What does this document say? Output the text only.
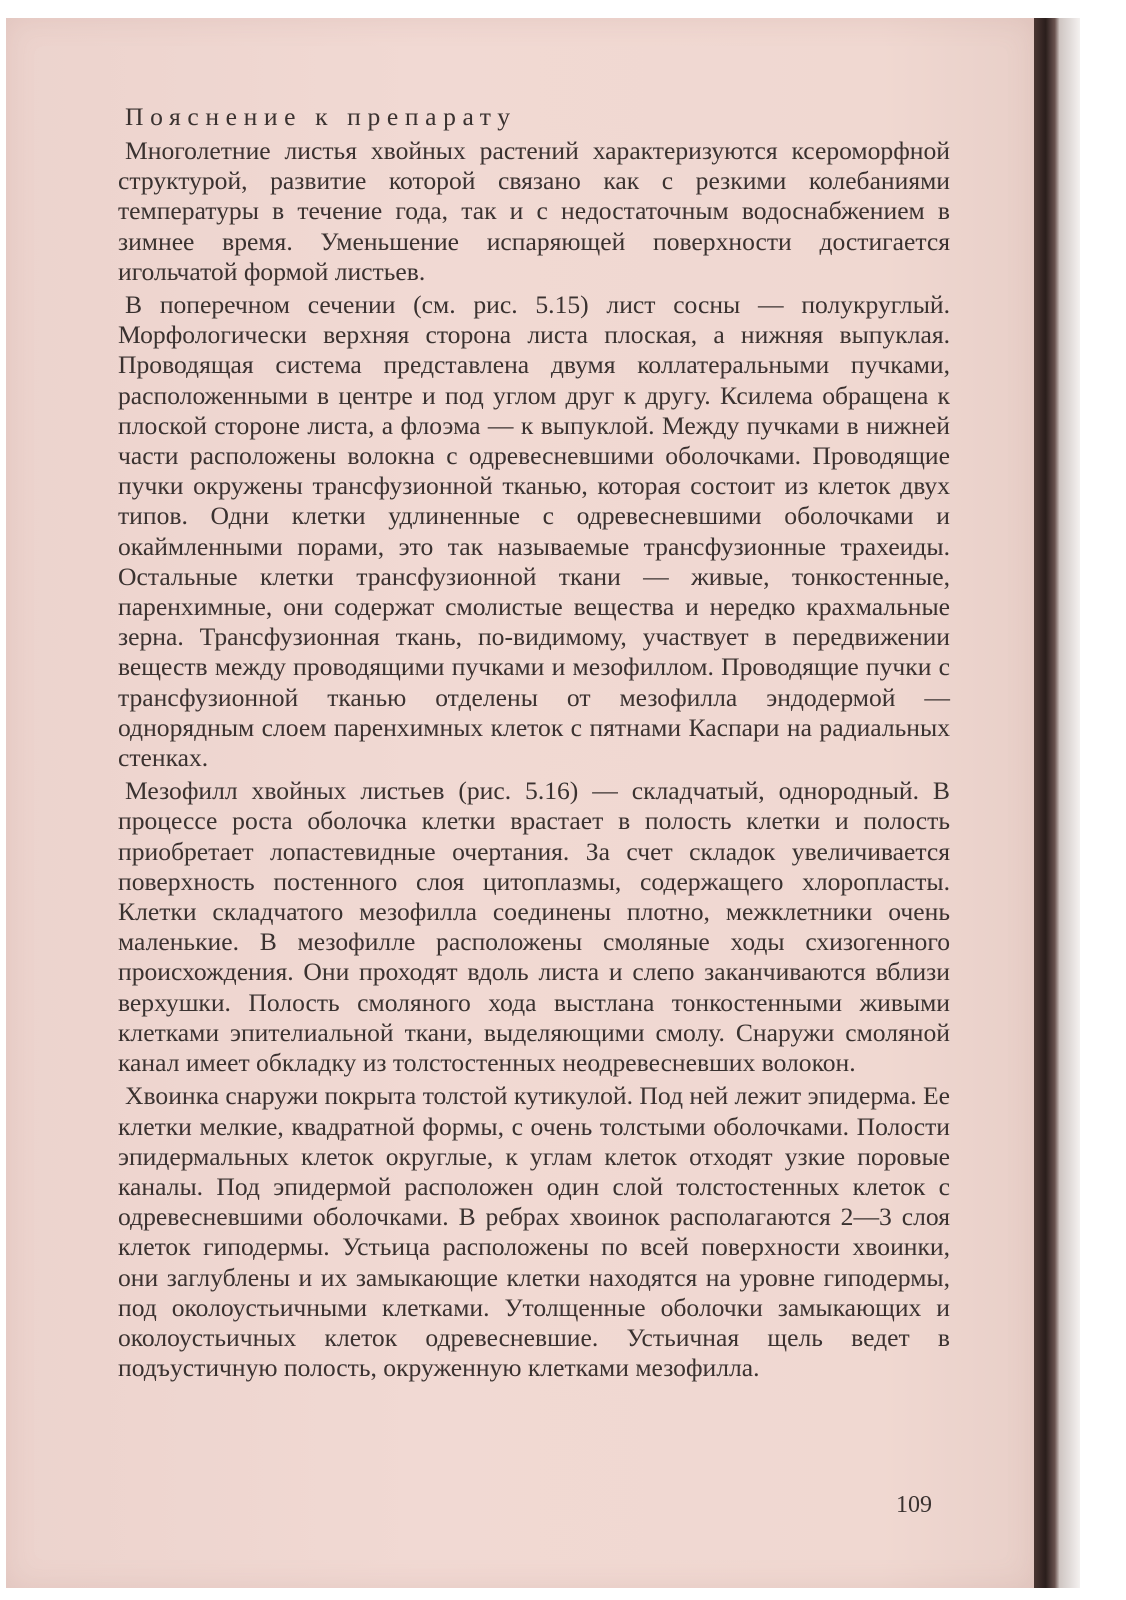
Пояснение к препарату

Многолетние листья хвойных растений характеризуются ксероморфной структурой, развитие которой связано как с резкими колебаниями температуры в течение года, так и с недостаточным водоснабжением в зимнее время. Уменьшение испаряющей поверхности достигается игольчатой формой листьев.

В поперечном сечении (см. рис. 5.15) лист сосны — полукруглый. Морфологически верхняя сторона листа плоская, а нижняя выпуклая. Проводящая система представлена двумя коллатеральными пучками, расположенными в центре и под углом друг к другу. Ксилема обращена к плоской стороне листа, а флоэма — к выпуклой. Между пучками в нижней части расположены волокна с одревесневшими оболочками. Проводящие пучки окружены трансфузионной тканью, которая состоит из клеток двух типов. Одни клетки удлиненные с одревесневшими оболочками и окаймленными порами, это так называемые трансфузионные трахеиды. Остальные клетки трансфузионной ткани — живые, тонкостенные, паренхимные, они содержат смолистые вещества и нередко крахмальные зерна. Трансфузионная ткань, по-видимому, участвует в передвижении веществ между проводящими пучками и мезофиллом. Проводящие пучки с трансфузионной тканью отделены от мезофилла эндодермой — однорядным слоем паренхимных клеток с пятнами Каспари на радиальных стенках.

Мезофилл хвойных листьев (рис. 5.16) — складчатый, однородный. В процессе роста оболочка клетки врастает в полость клетки и полость приобретает лопастевидные очертания. За счет складок увеличивается поверхность постенного слоя цитоплазмы, содержащего хлоропласты. Клетки складчатого мезофилла соединены плотно, межклетники очень маленькие. В мезофилле расположены смоляные ходы схизогенного происхождения. Они проходят вдоль листа и слепо заканчиваются вблизи верхушки. Полость смоляного хода выстлана тонкостенными живыми клетками эпителиальной ткани, выделяющими смолу. Снаружи смоляной канал имеет обкладку из толстостенных неодревесневших волокон.

Хвоинка снаружи покрыта толстой кутикулой. Под ней лежит эпидерма. Ее клетки мелкие, квадратной формы, с очень толстыми оболочками. Полости эпидермальных клеток округлые, к углам клеток отходят узкие поровые каналы. Под эпидермой расположен один слой толстостенных клеток с одревесневшими оболочками. В ребрах хвоинок располагаются 2—3 слоя клеток гиподермы. Устьица расположены по всей поверхности хвоинки, они заглублены и их замыкающие клетки находятся на уровне гиподермы, под околоустьичными клетками. Утолщенные оболочки замыкающих и околоустьичных клеток одревесневшие. Устьичная щель ведет в подъустичную полость, окруженную клетками мезофилла.

109
